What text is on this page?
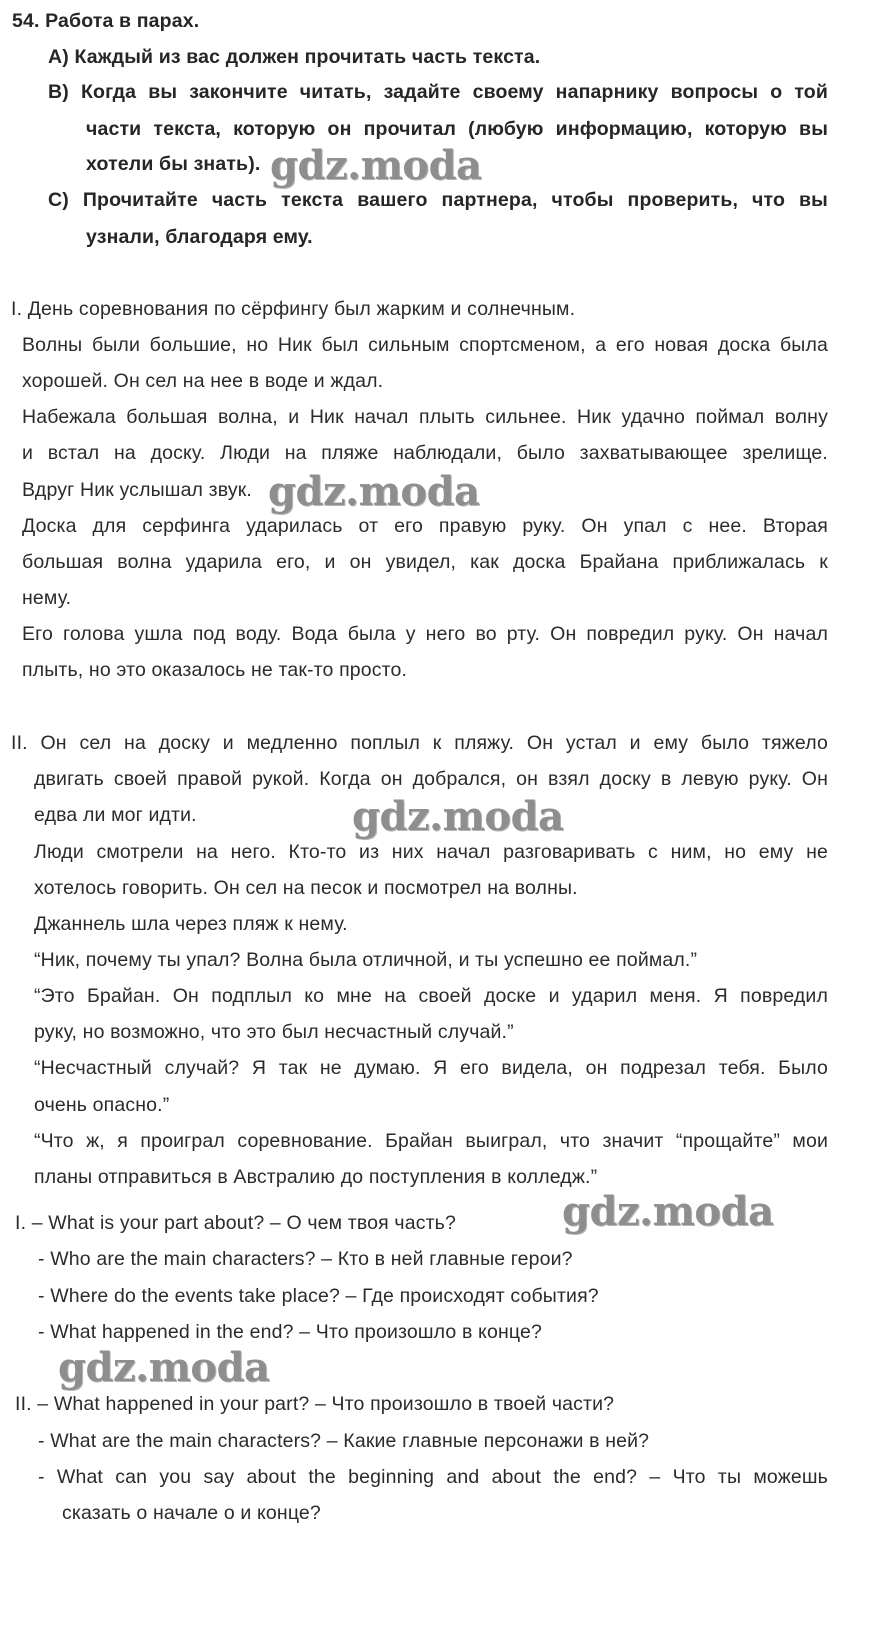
54. Работа в парах.
A) Каждый из вас должен прочитать часть текста.
B) Когда вы закончите читать, задайте своему напарнику вопросы о той
части текста, которую он прочитал (любую информацию, которую вы
хотели бы знать).
C) Прочитайте часть текста вашего партнера, чтобы проверить, что вы
узнали, благодаря ему.
I. День соревнования по сёрфингу был жарким и солнечным.
Волны были большие, но Ник был сильным спортсменом, а его новая доска была
хорошей. Он сел на нее в воде и ждал.
Набежала большая волна, и Ник начал плыть сильнее. Ник удачно поймал волну
и встал на доску. Люди на пляже наблюдали, было захватывающее зрелище.
Вдруг Ник услышал звук.
Доска для серфинга ударилась от его правую руку. Он упал с нее. Вторая
большая волна ударила его, и он увидел, как доска Брайана приближалась к
нему.
Его голова ушла под воду. Вода была у него во рту. Он повредил руку. Он начал
плыть, но это оказалось не так-то просто.
II. Он сел на доску и медленно поплыл к пляжу. Он устал и ему было тяжело
двигать своей правой рукой. Когда он добрался, он взял доску в левую руку. Он
едва ли мог идти.
Люди смотрели на него. Кто-то из них начал разговаривать с ним, но ему не
хотелось говорить. Он сел на песок и посмотрел на волны.
Джаннель шла через пляж к нему.
“Ник, почему ты упал? Волна была отличной, и ты успешно ее поймал.”
“Это Брайан. Он подплыл ко мне на своей доске и ударил меня. Я повредил
руку, но возможно, что это был несчастный случай.”
“Несчастный случай? Я так не думаю. Я его видела, он подрезал тебя. Было
очень опасно.”
“Что ж, я проиграл соревнование. Брайан выиграл, что значит “прощайте” мои
планы отправиться в Австралию до поступления в колледж.”
I. – What is your part about? – О чем твоя часть?
- Who are the main characters? – Кто в ней главные герои?
- Where do the events take place? – Где происходят события?
- What happened in the end? – Что произошло в конце?
II. – What happened in your part? – Что произошло в твоей части?
- What are the main characters? – Какие главные персонажи в ней?
- What can you say about the beginning and about the end? – Что ты можешь
сказать о начале о и конце?
gdz.moda
gdz.moda
gdz.moda
gdz.moda
gdz.moda
